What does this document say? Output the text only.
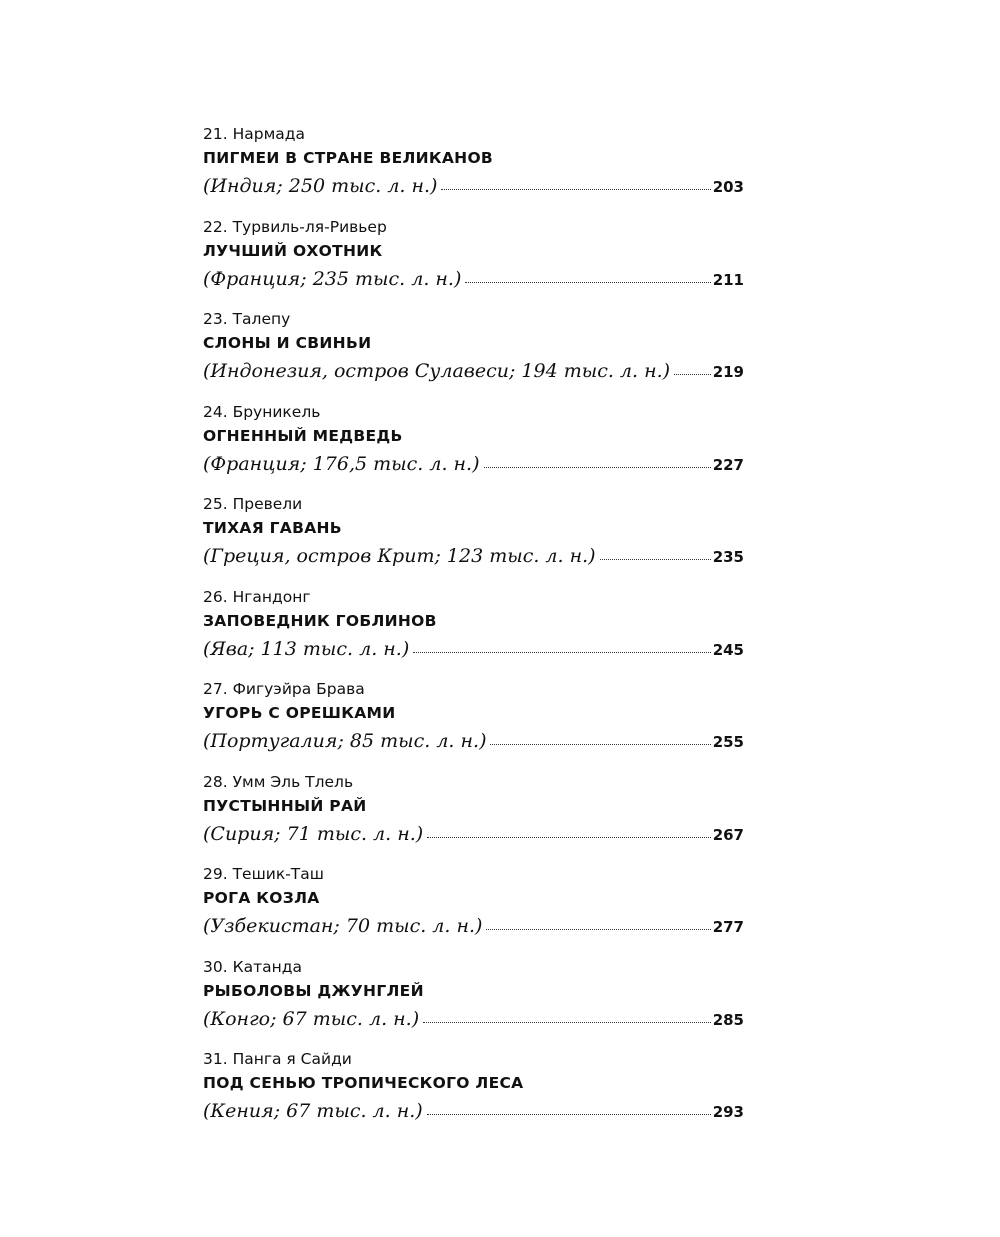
21. Нармада
ПИГМЕИ В СТРАНЕ ВЕЛИКАНОВ
(Индия; 250 тыс. л. н.)	203
22. Турвиль-ля-Ривьер
ЛУЧШИЙ ОХОТНИК
(Франция; 235 тыс. л. н.)	211
23. Талепу
СЛОНЫ И СВИНЬИ
(Индонезия, остров Сулавеси; 194 тыс. л. н.)	219
24. Бруникель
ОГНЕННЫЙ МЕДВЕДЬ
(Франция; 176,5 тыс. л. н.)	227
25. Превели
ТИХАЯ ГАВАНЬ
(Греция, остров Крит; 123 тыс. л. н.)	235
26. Нгандонг
ЗАПОВЕДНИК ГОБЛИНОВ
(Ява; 113 тыс. л. н.)	245
27. Фигуэйра Брава
УГОРЬ С ОРЕШКАМИ
(Португалия; 85 тыс. л. н.)	255
28. Умм Эль Тлель
ПУСТЫННЫЙ РАЙ
(Сирия; 71 тыс. л. н.)	267
29. Тешик-Таш
РОГА КОЗЛА
(Узбекистан; 70 тыс. л. н.)	277
30. Катанда
РЫБОЛОВЫ ДЖУНГЛЕЙ
(Конго; 67 тыс. л. н.)	285
31. Панга я Сайди
ПОД СЕНЬЮ ТРОПИЧЕСКОГО ЛЕСА
(Кения; 67 тыс. л. н.)	293
